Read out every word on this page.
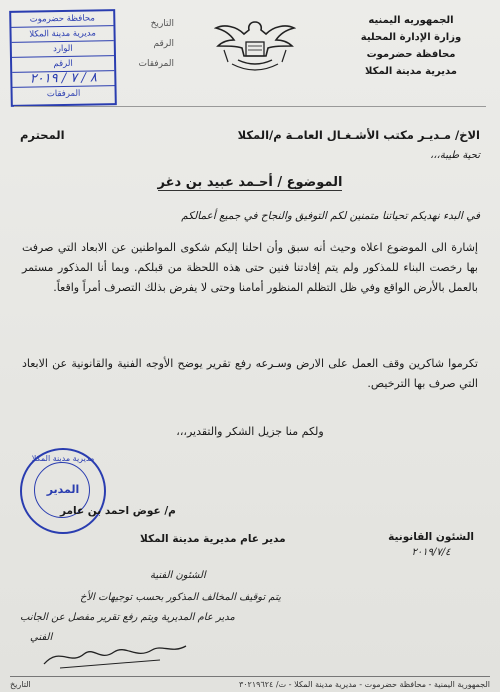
الجمهوريه اليمنيه
وزارة الإدارة المحلية
محافظة حضرموت
مديرية مدينة المكلا
التاريخ
الرقم
المرفقات
محافظة حضرموت
مديرية مدينة المكلا
الوارد
الرقم
٨ / ٧ / ٢٠١٩
المرفقات
الاخ/ مـديـر مكتب الأشـغـال العامـة م/المكلا
المحترم
تحية طيبة،،،
الموضوع / أحـمد عبيد بن دغر
في البدء نهديكم تحياتنا متمنين لكم التوفيق والنجاح في جميع أعمالكم
إشارة الى الموضوع اعلاه وحيث أنه سبق وأن احلنا إليكم شكوى المواطنين عن الابعاد التي صرفت بها رخصت البناء للمذكور ولم يتم إفادتنا فنين حتى هذه اللحظة من قبلكم. وبما أنا المذكور مستمر بالعمل بالأرض الواقع وفي ظل التظلم المنظور أمامنا وحتى لا يفرض بذلك التصرف أمراً واقعاً.
تكرموا شاكرين وقف العمل على الارض وسـرعه رفع تقرير يوضح الأوجه الفنية والقانونية عن الابعاد التي صرف بها الترخيص.
ولكم منا جزيل الشكر والتقدير،،،
مديرية مدينة المكلا
المدير
م/ عوض احمد بن عامر
مدير عام مديرية مدينة المكلا	الشئون القانونية
٢٠١٩/٧/٤
الشئون الفنية
يتم توقيف المخالف المذكور بحسب توجيهات الأخ
مدير عام المديرية ويتم رفع تقرير مفصل عن الجانب
الفني
الجمهورية اليمنية - محافظة حضرموت - مديرية مدينة المكلا - ت/ ٣٠٢١٩٦٢٤
التاريخ
